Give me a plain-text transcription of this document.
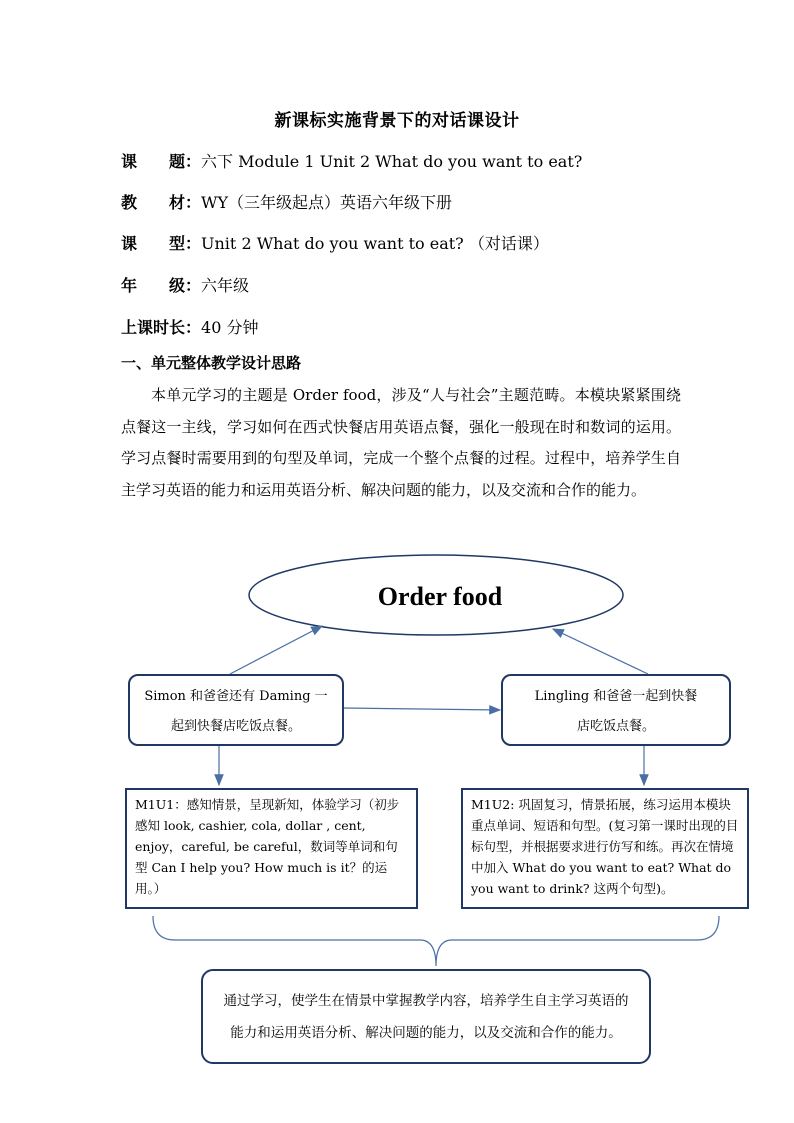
新课标实施背景下的对话课设计
课　　题：六下 Module 1 Unit 2 What do you want to eat?
教　　材：WY（三年级起点）英语六年级下册
课　　型：Unit 2 What do you want to eat? （对话课）
年　　级：六年级
上课时长：40 分钟
一、单元整体教学设计思路
本单元学习的主题是 Order food，涉及“人与社会”主题范畴。本模块紧紧围绕点餐这一主线，学习如何在西式快餐店用英语点餐，强化一般现在时和数词的运用。学习点餐时需要用到的句型及单词，完成一个整个点餐的过程。过程中，培养学生自主学习英语的能力和运用英语分析、解决问题的能力，以及交流和合作的能力。
Order food
Simon 和爸爸还有 Daming 一起到快餐店吃饭点餐。
Lingling 和爸爸一起到快餐店吃饭点餐。
M1U1：感知情景，呈现新知，体验学习（初步感知 look, cashier, cola, dollar , cent, enjoy，careful, be careful，数词等单词和句型 Can I help you? How much is it？的运用。）
M1U2: 巩固复习，情景拓展，练习运用本模块重点单词、短语和句型。(复习第一课时出现的目标句型，并根据要求进行仿写和练。再次在情境中加入 What do you want to eat? What do you want to drink? 这两个句型)。
通过学习，使学生在情景中掌握教学内容，培养学生自主学习英语的能力和运用英语分析、解决问题的能力，以及交流和合作的能力。
